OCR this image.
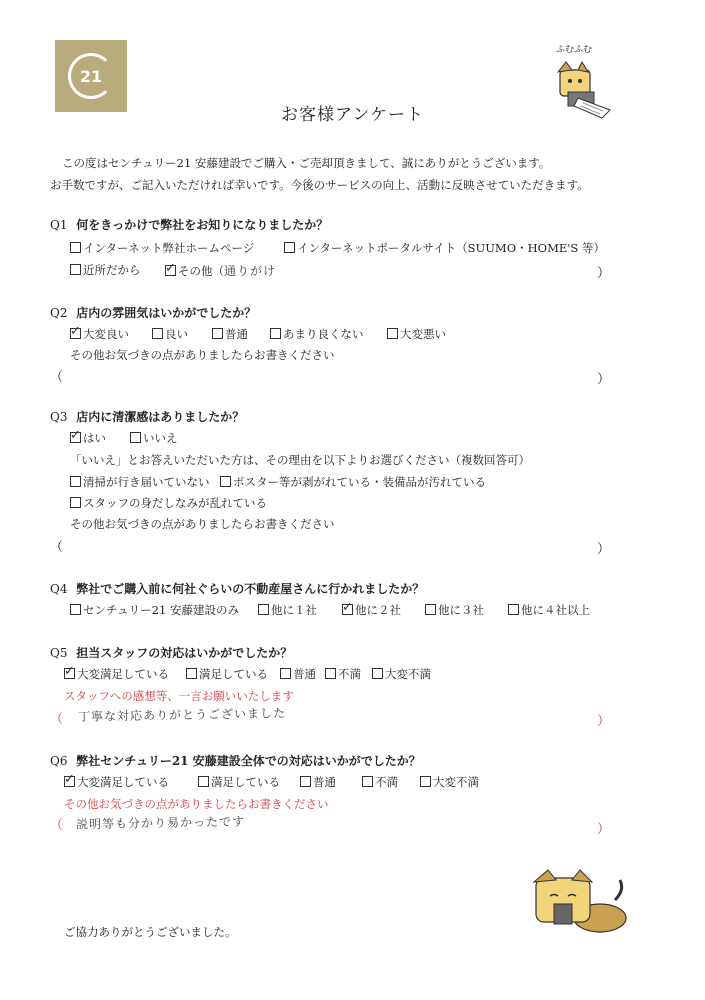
21
ふむふむ
お客様アンケート
この度はセンチュリー21 安藤建設でご購入・ご売却頂きまして、誠にありがとうございます。
お手数ですが、ご記入いただければ幸いです。今後のサービスの向上、活動に反映させていただきます。
Q1 何をきっかけで弊社をお知りになりましたか？
インターネット弊社ホームページ	インターネットポータルサイト（SUUMO・HOME'S 等）
近所だから ✓	その他（通りがけ	）
Q2 店内の雰囲気はいかがでしたか？
✓大変良い	良い	普通	あまり良くない	大変悪い
その他お気づきの点がありましたらお書きください
（	）
Q3 店内に清潔感はありましたか？
✓はい	いいえ
「いいえ」とお答えいただいた方は、その理由を以下よりお選びください（複数回答可）
清掃が行き届いていない	ポスター等が剥がれている・装備品が汚れている
スタッフの身だしなみが乱れている
その他お気づきの点がありましたらお書きください
（	）
Q4 弊社でご購入前に何社ぐらいの不動産屋さんに行かれましたか？
センチュリー21 安藤建設のみ	他に１社 ✓	他に２社	他に３社	他に４社以上
Q5 担当スタッフの対応はいかがでしたか？
✓大変満足している	満足している	普通	不満	大変不満
スタッフへの感想等、一言お願いいたします
（ 丁寧な対応ありがとうございました	）
Q6 弊社センチュリー21 安藤建設全体での対応はいかがでしたか？
✓大変満足している	満足している	普通	不満	大変不満
その他お気づきの点がありましたらお書きください
（ 説明等も分かり易かったです	）
ご協力ありがとうございました。
